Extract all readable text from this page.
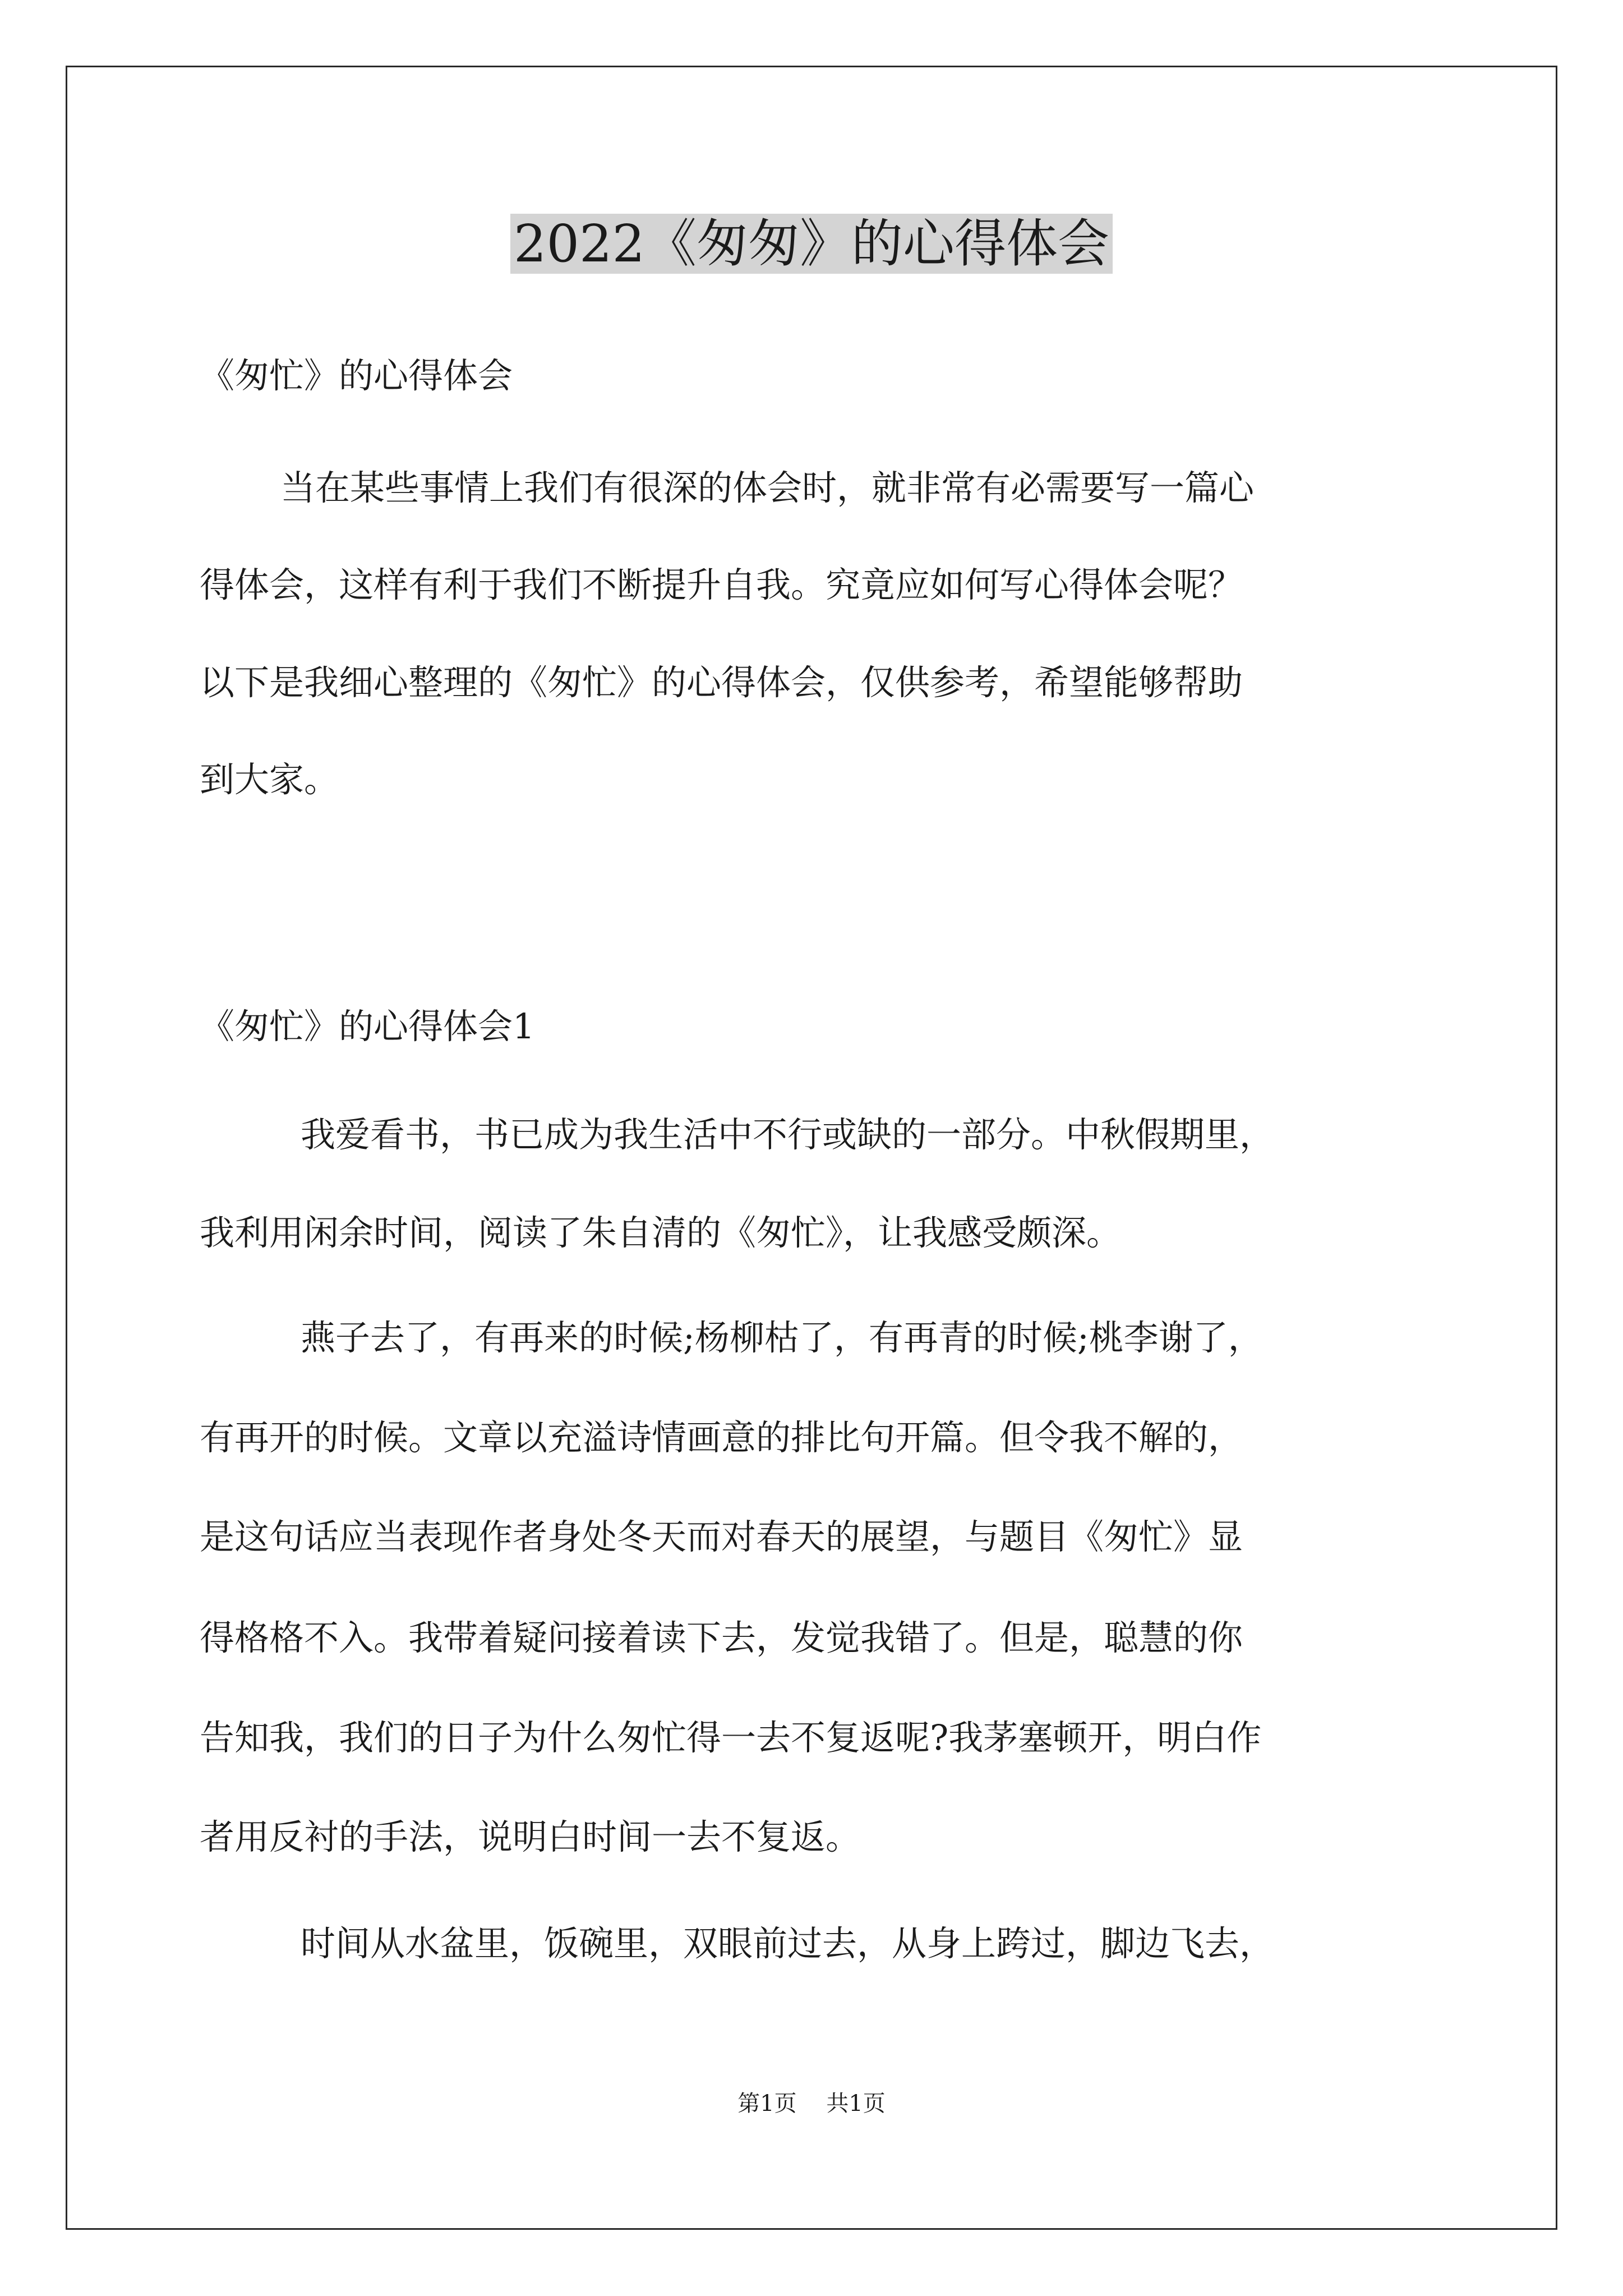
2022《匆匆》的心得体会
《匆忙》的心得体会
当在某些事情上我们有很深的体会时，就非常有必需要写一篇心
得体会，这样有利于我们不断提升自我。究竟应如何写心得体会呢？
以下是我细心整理的《匆忙》的心得体会，仅供参考，希望能够帮助
到大家。
《匆忙》的心得体会1
我爱看书，书已成为我生活中不行或缺的一部分。中秋假期里，
我利用闲余时间，阅读了朱自清的《匆忙》，让我感受颇深。
燕子去了，有再来的时候;杨柳枯了，有再青的时候;桃李谢了，
有再开的时候。文章以充溢诗情画意的排比句开篇。但令我不解的，
是这句话应当表现作者身处冬天而对春天的展望，与题目《匆忙》显
得格格不入。我带着疑问接着读下去，发觉我错了。但是，聪慧的你
告知我，我们的日子为什么匆忙得一去不复返呢?我茅塞顿开，明白作
者用反衬的手法，说明白时间一去不复返。
时间从水盆里，饭碗里，双眼前过去，从身上跨过，脚边飞去，
第1页 共1页
